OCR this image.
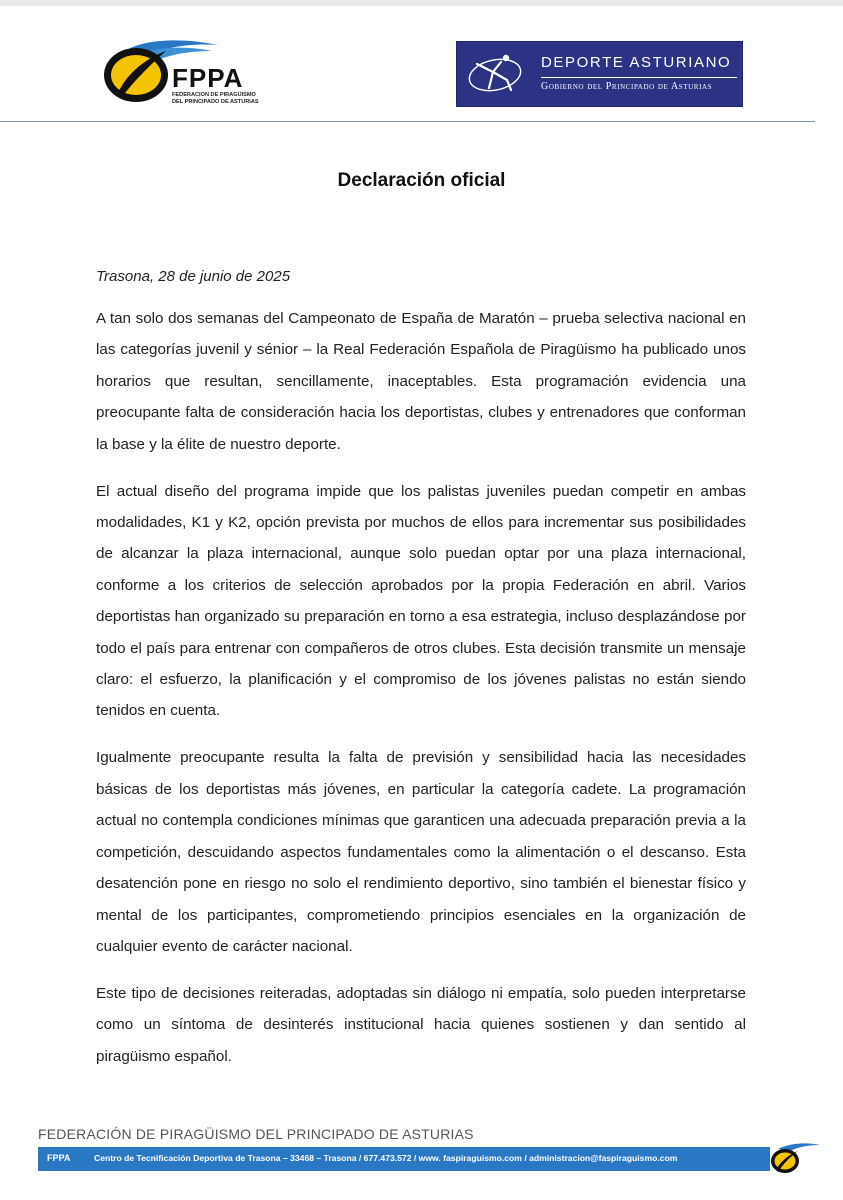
FPPA
FEDERACION DE PIRAGÜISMO
DEL PRINCIPADO DE ASTURIAS
DEPORTE ASTURIANO
Gobierno del Principado de Asturias
Declaración oficial
Trasona, 28 de junio de 2025

A tan solo dos semanas del Campeonato de España de Maratón – prueba selectiva nacional en las categorías juvenil y sénior – la Real Federación Española de Piragüismo ha publicado unos horarios que resultan, sencillamente, inaceptables. Esta programación evidencia una preocupante falta de consideración hacia los deportistas, clubes y entrenadores que conforman la base y la élite de nuestro deporte.

El actual diseño del programa impide que los palistas juveniles puedan competir en ambas modalidades, K1 y K2, opción prevista por muchos de ellos para incrementar sus posibilidades de alcanzar la plaza internacional, aunque solo puedan optar por una plaza internacional, conforme a los criterios de selección aprobados por la propia Federación en abril. Varios deportistas han organizado su preparación en torno a esa estrategia, incluso desplazándose por todo el país para entrenar con compañeros de otros clubes. Esta decisión transmite un mensaje claro: el esfuerzo, la planificación y el compromiso de los jóvenes palistas no están siendo tenidos en cuenta.

Igualmente preocupante resulta la falta de previsión y sensibilidad hacia las necesidades básicas de los deportistas más jóvenes, en particular la categoría cadete. La programación actual no contempla condiciones mínimas que garanticen una adecuada preparación previa a la competición, descuidando aspectos fundamentales como la alimentación o el descanso. Esta desatención pone en riesgo no solo el rendimiento deportivo, sino también el bienestar físico y mental de los participantes, comprometiendo principios esenciales en la organización de cualquier evento de carácter nacional.

Este tipo de decisiones reiteradas, adoptadas sin diálogo ni empatía, solo pueden interpretarse como un síntoma de desinterés institucional hacia quienes sostienen y dan sentido al piragüismo español.

FEDERACIÓN DE PIRAGÜISMO DEL PRINCIPADO DE ASTURIAS
FPPA	Centro de Tecnificación Deportiva de Trasona – 33468 – Trasona / 677.473.572 / www. faspiraguismo.com / administracion@faspiraguismo.com
